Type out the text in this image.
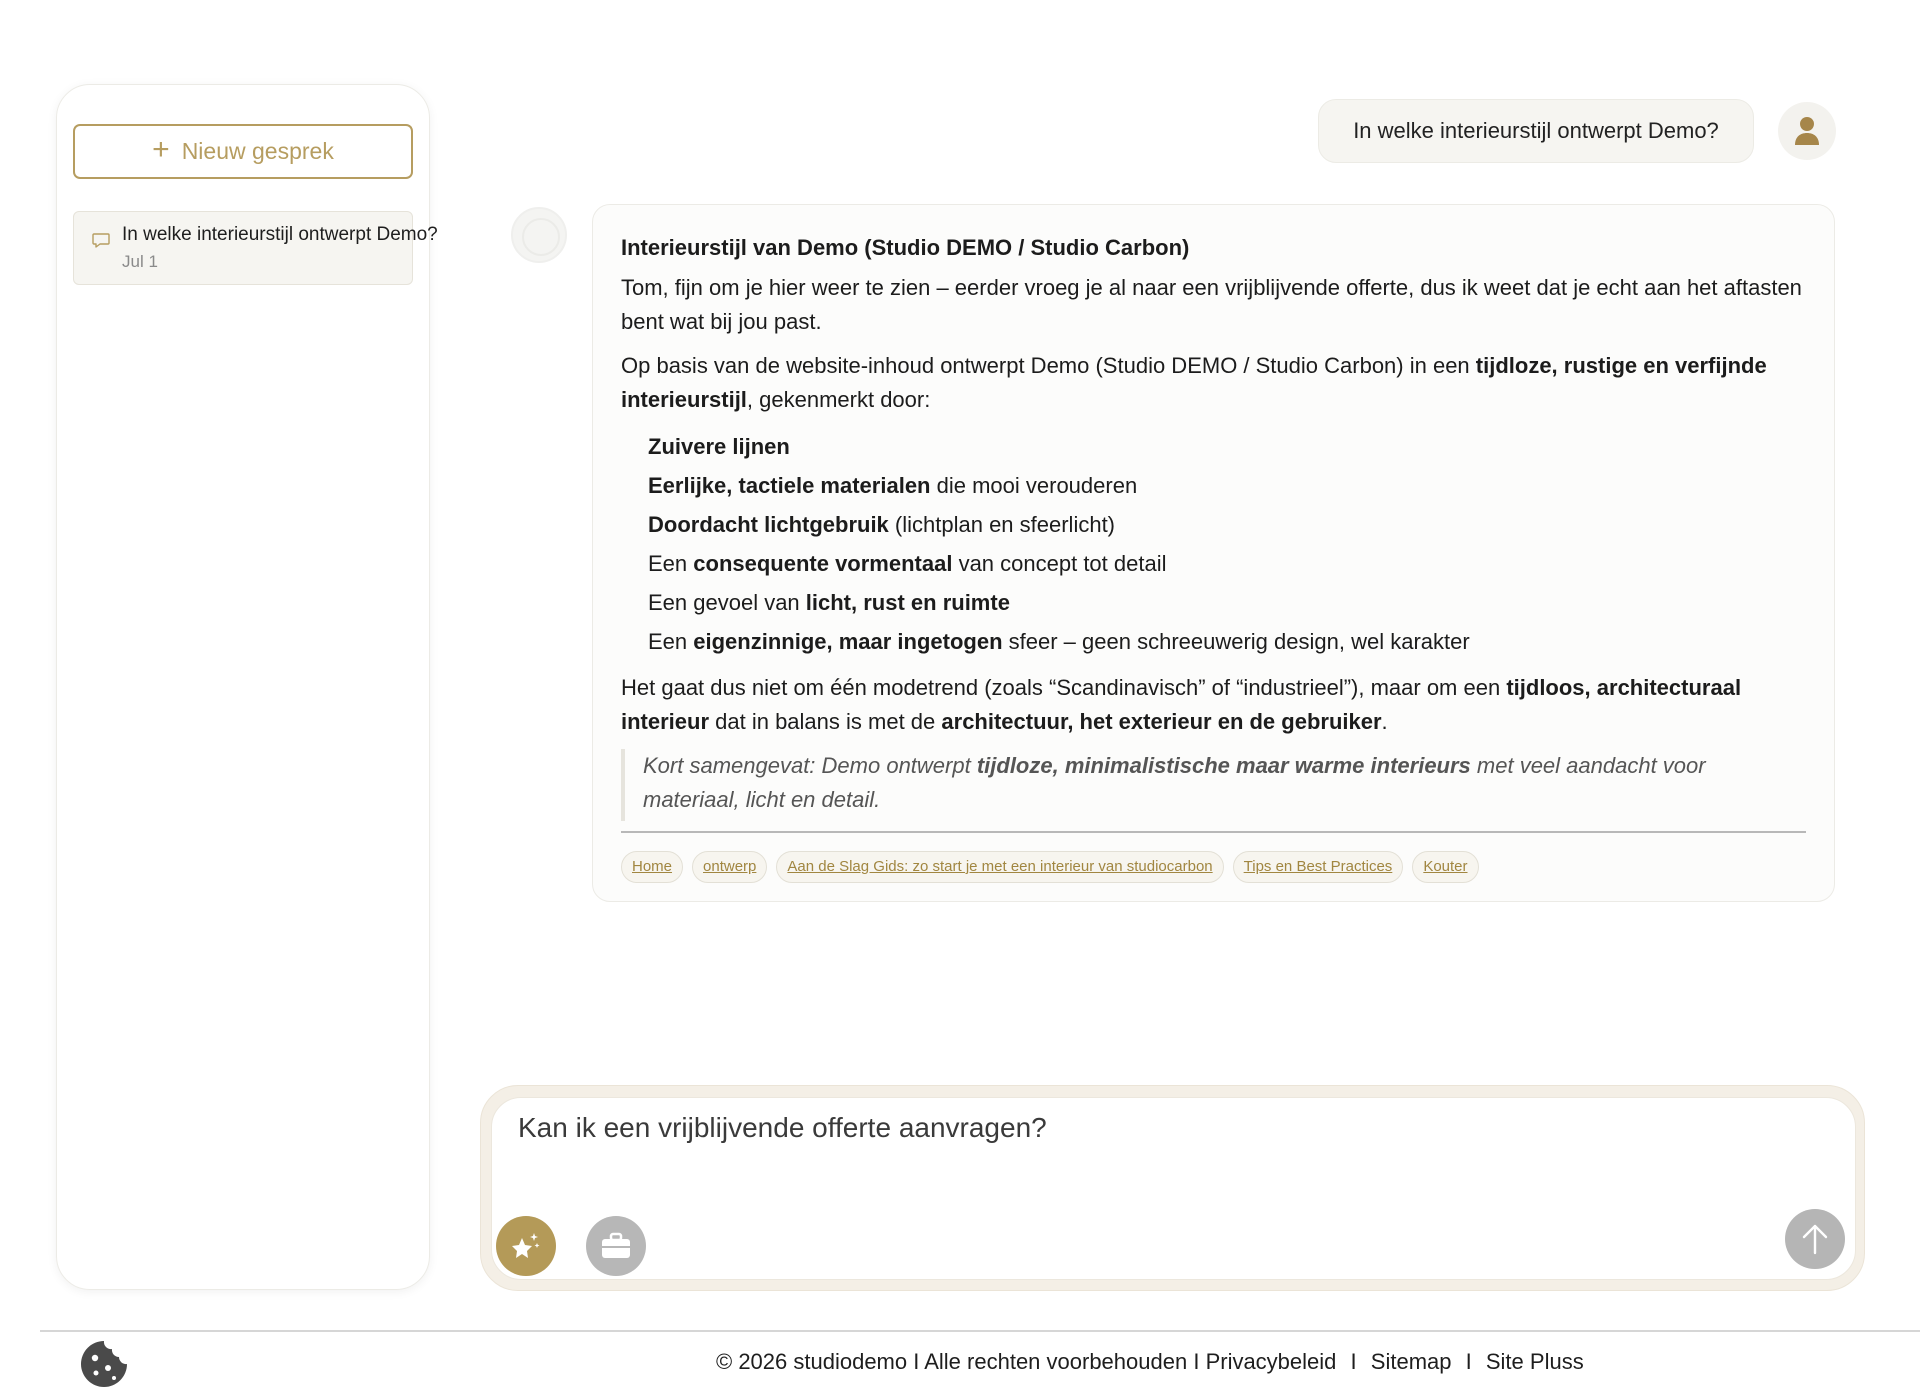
+ Nieuw gesprek
In welke interieurstijl ontwerpt Demo?
Jul 1
In welke interieurstijl ontwerpt Demo?
Interieurstijl van Demo (Studio DEMO / Studio Carbon)

Tom, fijn om je hier weer te zien – eerder vroeg je al naar een vrijblijvende offerte, dus ik weet dat je echt aan het aftasten bent wat bij jou past.

Op basis van de website-inhoud ontwerpt Demo (Studio DEMO / Studio Carbon) in een tijdloze, rustige en verfijnde interieurstijl, gekenmerkt door:

Zuivere lijnen
Eerlijke, tactiele materialen die mooi verouderen
Doordacht lichtgebruik (lichtplan en sfeerlicht)
Een consequente vormentaal van concept tot detail
Een gevoel van licht, rust en ruimte
Een eigenzinnige, maar ingetogen sfeer – geen schreeuwerig design, wel karakter

Het gaat dus niet om één modetrend (zoals “Scandinavisch” of “industrieel”), maar om een tijdloos, architecturaal interieur dat in balans is met de architectuur, het exterieur en de gebruiker.

Kort samengevat: Demo ontwerpt tijdloze, minimalistische maar warme interieurs met veel aandacht voor materiaal, licht en detail.
Home	ontwerp	Aan de Slag Gids: zo start je met een interieur van studiocarbon	Tips en Best Practices	Kouter
Kan ik een vrijblijvende offerte aanvragen?
© 2026 studiodemo I Alle rechten voorbehouden I Privacybeleid I Sitemap I Site Pluss
